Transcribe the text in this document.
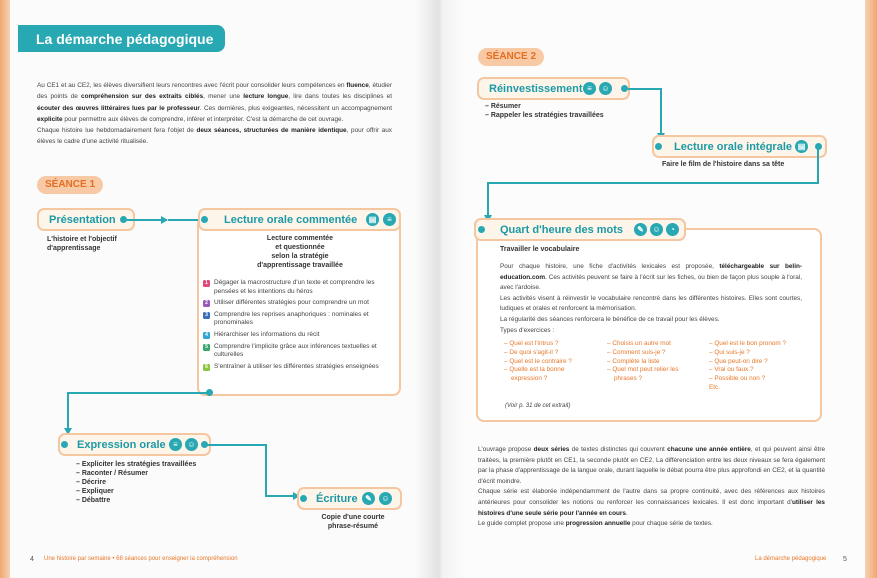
La démarche pédagogique
Au CE1 et au CE2, les élèves diversifient leurs rencontres avec l'écrit pour consolider leurs compétences en fluence, étudier des points de compréhension sur des extraits ciblés, mener une lecture longue, lire dans toutes les disciplines et écouter des œuvres littéraires lues par le professeur. Ces dernières, plus exigeantes, nécessitent un accompagnement explicite pour permettre aux élèves de comprendre, inférer et interpréter. C'est la démarche de cet ouvrage.
Chaque histoire lue hebdomadairement fera l'objet de deux séances, structurées de manière identique, pour offrir aux élèves le cadre d'une activité ritualisée.
SÉANCE 1
Présentation
L'histoire et l'objectif
d'apprentissage
Lecture orale commentée	▤	≡
Lecture commentée
et questionnée
selon la stratégie
d'apprentissage travaillée
1 Dégager la macrostructure d'un texte et comprendre les pensées et les intentions du héros
2 Utiliser différentes stratégies pour comprendre un mot
3 Comprendre les reprises anaphoriques : nominales et pronominales
4 Hiérarchiser les informations du récit
5 Comprendre l'implicite grâce aux inférences textuelles et culturelles
6 S'entraîner à utiliser les différentes stratégies enseignées
Expression orale ≡	☺
– Expliciter les stratégies travaillées
– Raconter / Résumer
– Décrire
– Expliquer
– Débattre	Écriture ✎	☺
Copie d'une courte
phrase-résumé
SÉANCE 2
Réinvestissement ≡	☺
– Résumer
– Rappeler les stratégies travaillées
Lecture orale intégrale ▤
Faire le film de l'histoire dans sa tête
Quart d'heure des mots	✎	☺	◔
Travailler le vocabulaire
Pour chaque histoire, une fiche d'activités lexicales est proposée, téléchargeable sur belin-education.com. Ces activités peuvent se faire à l'écrit sur les fiches, ou bien de façon plus souple à l'oral, avec l'ardoise.
Les activités visent à réinvestir le vocabulaire rencontré dans les différentes histoires. Elles sont courtes, ludiques et orales et renforcent la mémorisation.
La régularité des séances renforcera le bénéfice de ce travail pour les élèves.
Types d'exercices :
– Quel est l'intrus ?
– De quoi s'agit-il ?
– Quel est le contraire ?
– Quelle est la bonne
expression ?
– Choisis un autre mot
– Comment suis-je ?
– Complète la liste
– Quel mot peut relier les
phrases ?
– Quel est le bon pronom ?
– Qui suis-je ?
– Que peut-on dire ?
– Vrai ou faux ?
– Possible ou non ?
Etc.
(Voir p. 31 de cet extrait)
L'ouvrage propose deux séries de textes distinctes qui couvrent chacune une année entière, et qui peuvent ainsi être traitées, la première plutôt en CE1, la seconde plutôt en CE2. La différenciation entre les deux niveaux se fera également par la phase d'apprentissage de la langue orale, durant laquelle le débat pourra être plus approfondi en CE2, et la quantité d'écrit moindre.
Chaque série est élaborée indépendamment de l'autre dans sa propre continuité, avec des références aux histoires antérieures pour consolider les notions ou renforcer les connaissances lexicales. Il est donc important d'utiliser les histoires d'une seule série pour l'année en cours.
Le guide complet propose une progression annuelle pour chaque série de textes.
4 Une histoire par semaine • 68 séances pour enseigner la compréhension	La démarche pédagogique 5
